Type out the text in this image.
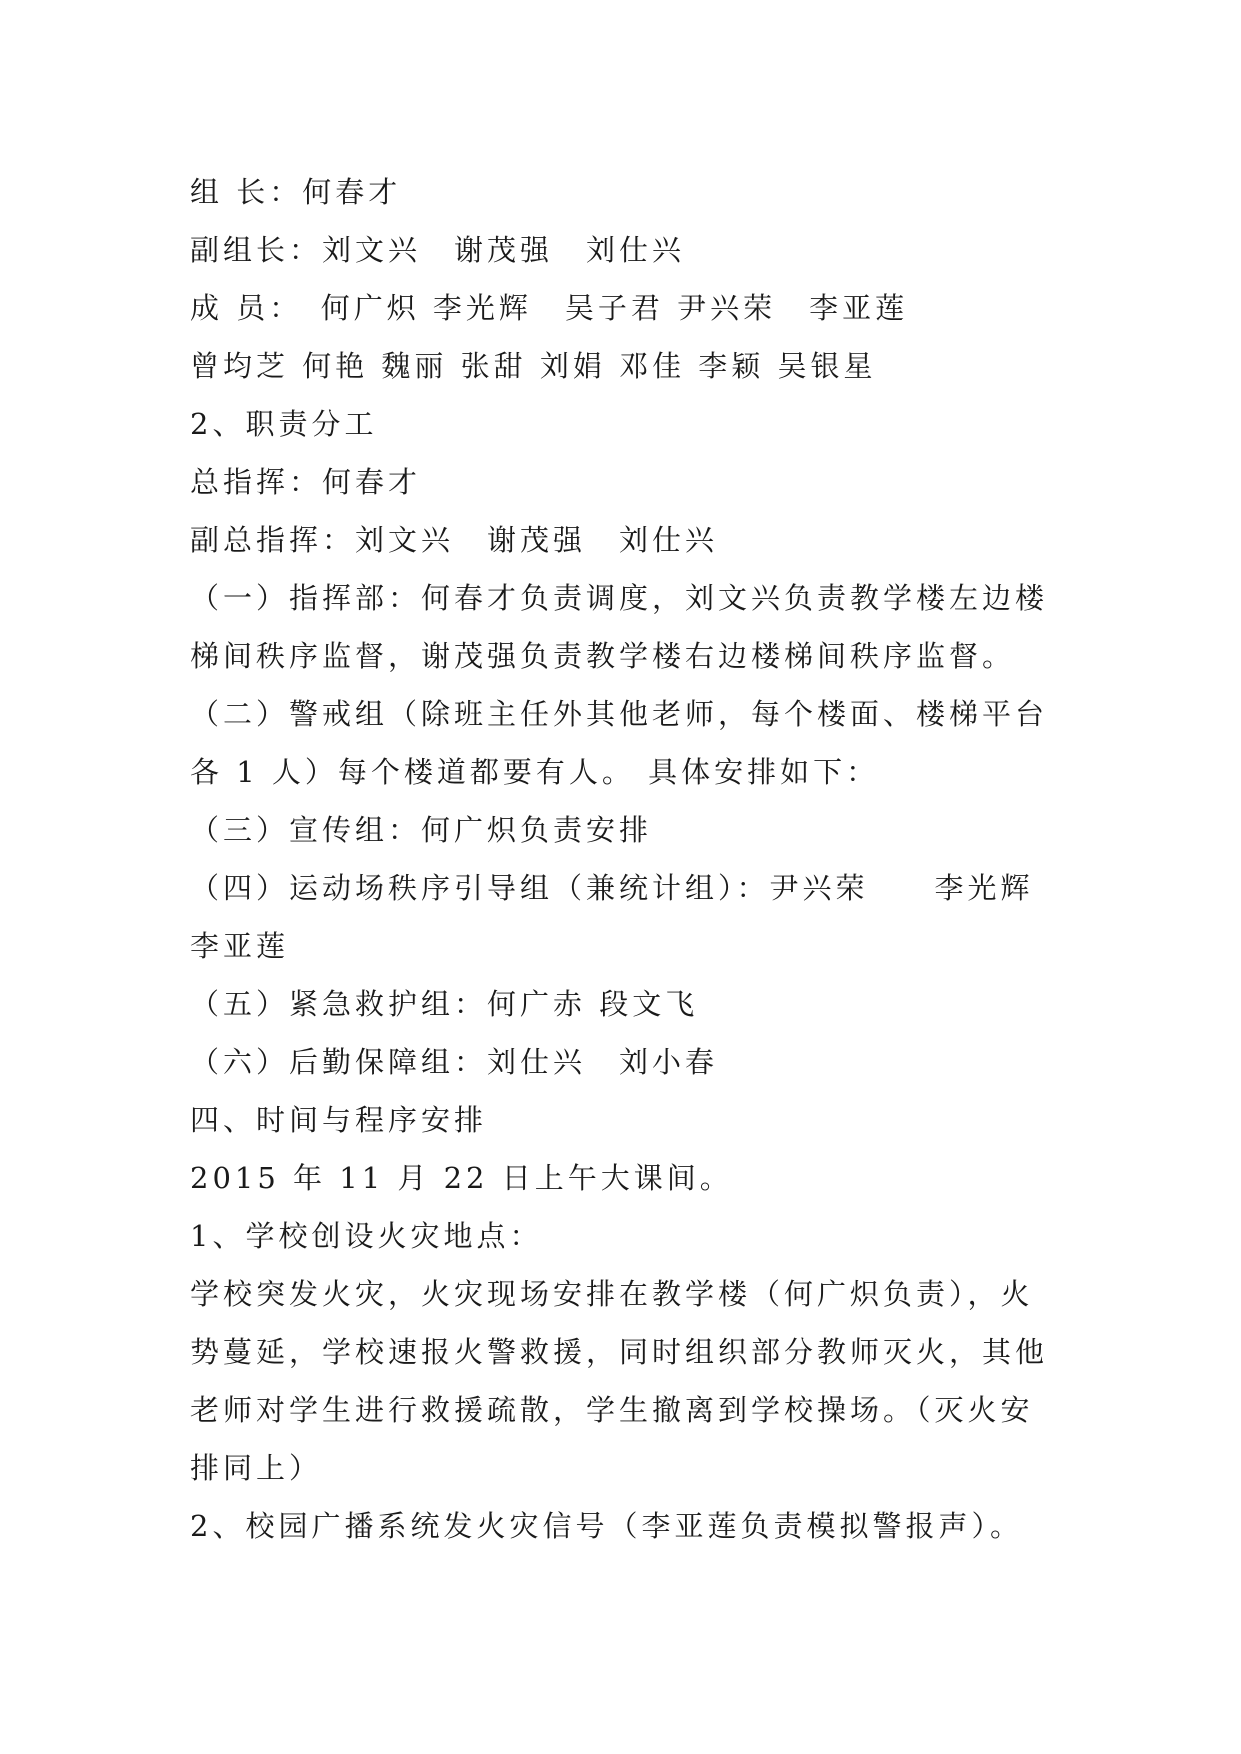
组 长：何春才

副组长：刘文兴　谢茂强　刘仕兴

成 员：　何广炽 李光辉　吴子君 尹兴荣　李亚莲

曾均芝 何艳 魏丽 张甜 刘娟 邓佳 李颖 吴银星

2、职责分工

总指挥：何春才

副总指挥：刘文兴　谢茂强　刘仕兴

（一）指挥部：何春才负责调度，刘文兴负责教学楼左边楼

梯间秩序监督，谢茂强负责教学楼右边楼梯间秩序监督。

（二）警戒组（除班主任外其他老师，每个楼面、楼梯平台

各 1 人）每个楼道都要有人。 具体安排如下：

（三）宣传组：何广炽负责安排

（四）运动场秩序引导组（兼统计组）：尹兴荣　　李光辉

李亚莲

（五）紧急救护组：何广赤 段文飞

（六）后勤保障组：刘仕兴　刘小春

四、时间与程序安排

2015 年 11 月 22 日上午大课间。

1、学校创设火灾地点：

学校突发火灾，火灾现场安排在教学楼（何广炽负责），火

势蔓延，学校速报火警救援，同时组织部分教师灭火，其他

老师对学生进行救援疏散，学生撤离到学校操场。（灭火安

排同上）

2、校园广播系统发火灾信号（李亚莲负责模拟警报声）。
